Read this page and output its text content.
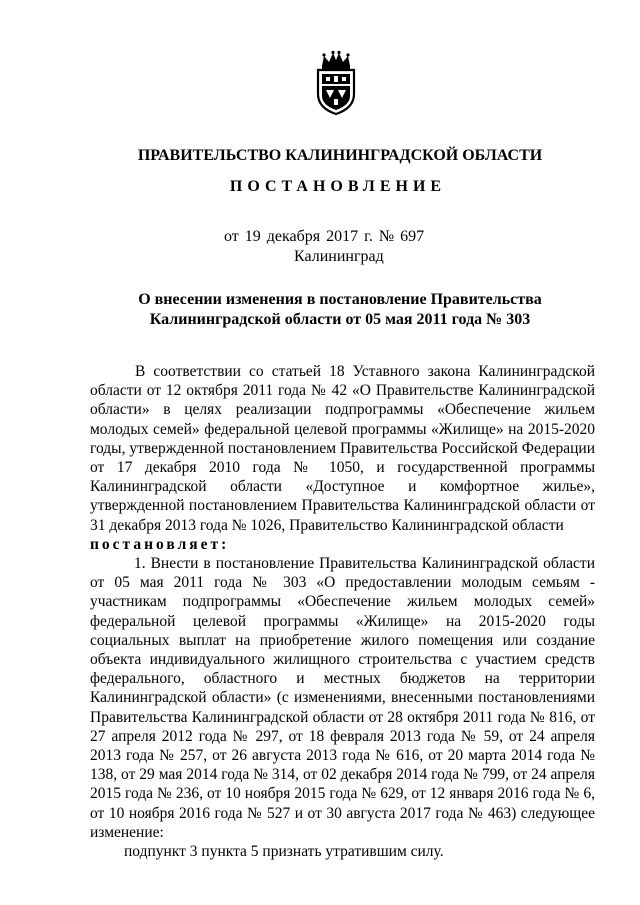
ПРАВИТЕЛЬСТВО КАЛИНИНГРАДСКОЙ ОБЛАСТИ
ПОСТАНОВЛЕНИЕ
от 19 декабря 2017 г. № 697
Калининград
О внесении изменения в постановление Правительства
Калининградской области от 05 мая 2011 года № 303

В соответствии со статьей 18 Уставного закона Калининградской области от 12 октября 2011 года № 42 «О Правительстве Калининградской области» в целях реализации подпрограммы «Обеспечение жильем молодых семей» федеральной целевой программы «Жилище» на 2015-2020 годы, утвержденной постановлением Правительства Российской Федерации от 17 декабря 2010 года № 1050, и государственной программы Калининградской области «Доступное и комфортное жилье», утвержденной постановлением Правительства Калининградской области от 31 декабря 2013 года № 1026, Правительство Калининградской области
постановляет:

1. Внести в постановление Правительства Калининградской области от 05 мая 2011 года № 303 «О предоставлении молодым семьям - участникам подпрограммы «Обеспечение жильем молодых семей» федеральной целевой программы «Жилище» на 2015-2020 годы социальных выплат на приобретение жилого помещения или создание объекта индивидуального жилищного строительства с участием средств федерального, областного и местных бюджетов на территории Калининградской области» (с изменениями, внесенными постановлениями Правительства Калининградской области от 28 октября 2011 года № 816, от 27 апреля 2012 года № 297, от 18 февраля 2013 года № 59, от 24 апреля 2013 года № 257, от 26 августа 2013 года № 616, от 20 марта 2014 года № 138, от 29 мая 2014 года № 314, от 02 декабря 2014 года № 799, от 24 апреля 2015 года № 236, от 10 ноября 2015 года № 629, от 12 января 2016 года № 6, от 10 ноября 2016 года № 527 и от 30 августа 2017 года № 463) следующее изменение:

подпункт 3 пункта 5 признать утратившим силу.
